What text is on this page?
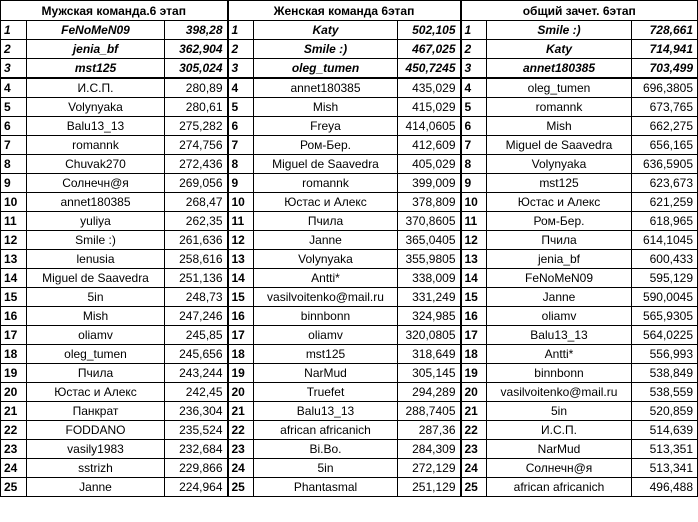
Мужская команда.6 этап			Женская команда 6этап			общий зачет. 6этап		
1	FeNoMeN09	398,28	1	Katy	502,105	1	Smile :)	728,661
2	jenia_bf	362,904	2	Smile :)	467,025	2	Katy	714,941
3	mst125	305,024	3	oleg_tumen	450,7245	3	annet180385	703,499
4	И.С.П.	280,89	4	annet180385	435,029	4	oleg_tumen	696,3805
5	Volynyaka	280,61	5	Mish	415,029	5	romannk	673,765
6	Balu13_13	275,282	6	Freya	414,0605	6	Mish	662,275
7	romannk	274,756	7	Ром-Бер.	412,609	7	Miguel de Saavedra	656,165
8	Chuvak270	272,436	8	Miguel de Saavedra	405,029	8	Volynyaka	636,5905
9	Солнечн@я	269,056	9	romannk	399,009	9	mst125	623,673
10	annet180385	268,47	10	Юстас и Алекс	378,809	10	Юстас и Алекс	621,259
11	yuliya	262,35	11	Пчила	370,8605	11	Ром-Бер.	618,965
12	Smile :)	261,636	12	Janne	365,0405	12	Пчила	614,1045
13	lenusia	258,616	13	Volynyaka	355,9805	13	jenia_bf	600,433
14	Miguel de Saavedra	251,136	14	Antti*	338,009	14	FeNoMeN09	595,129
15	5in	248,73	15	vasilvoitenko@mail.ru	331,249	15	Janne	590,0045
16	Mish	247,246	16	binnbonn	324,985	16	oliamv	565,9305
17	oliamv	245,85	17	oliamv	320,0805	17	Balu13_13	564,0225
18	oleg_tumen	245,656	18	mst125	318,649	18	Antti*	556,993
19	Пчила	243,244	19	NarMud	305,145	19	binnbonn	538,849
20	Юстас и Алекс	242,45	20	Truefet	294,289	20	vasilvoitenko@mail.ru	538,559
21	Панкрат	236,304	21	Balu13_13	288,7405	21	5in	520,859
22	FODDANO	235,524	22	african africanich	287,36	22	И.С.П.	514,639
23	vasily1983	232,684	23	Bi.Bo.	284,309	23	NarMud	513,351
24	sstrizh	229,866	24	5in	272,129	24	Солнечн@я	513,341
25	Janne	224,964	25	Phantasmal	251,129	25	african africanich	496,488
